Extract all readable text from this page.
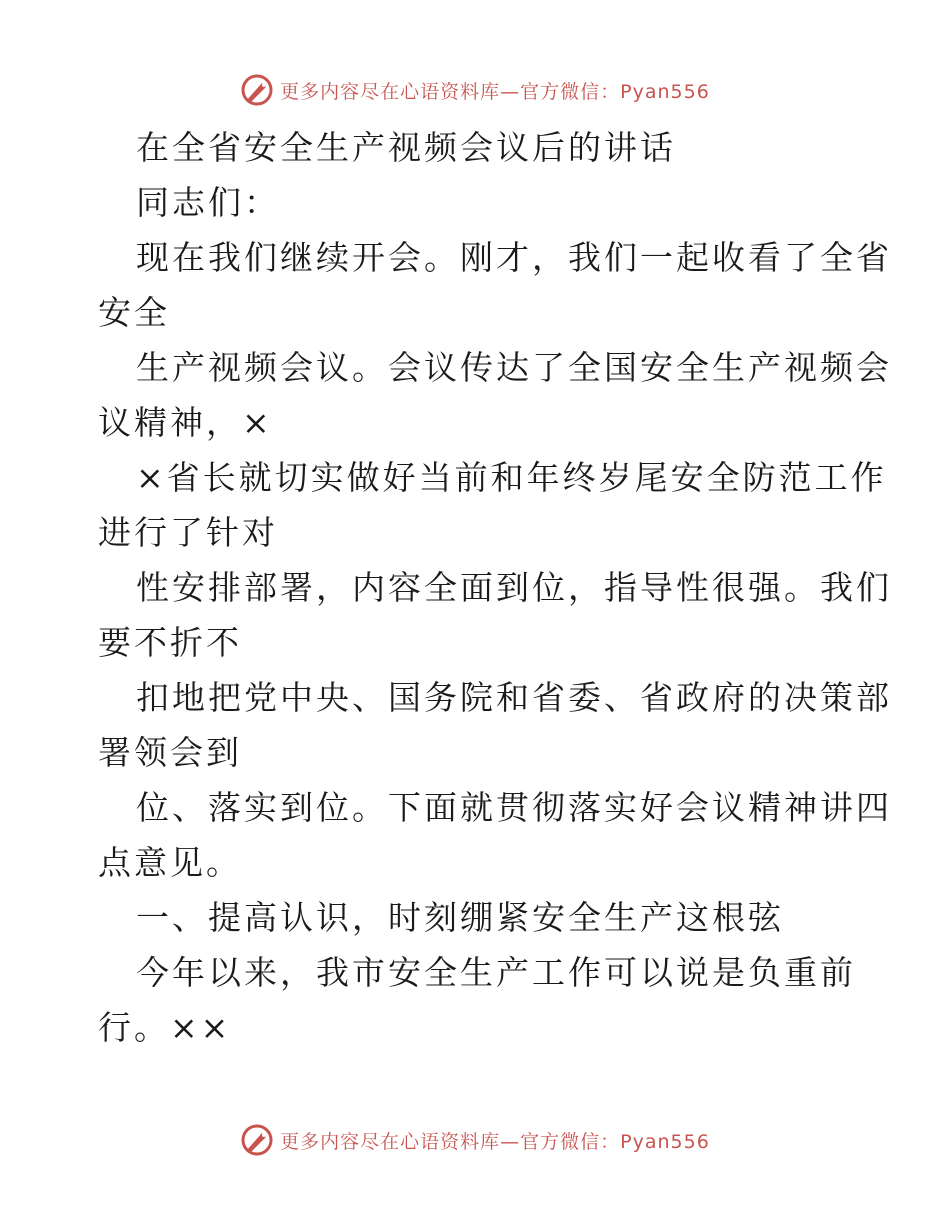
更多内容尽在心语资料库—官方微信：Pyan556
在全省安全生产视频会议后的讲话
同志们：
现在我们继续开会。刚才，我们一起收看了全省
安全
生产视频会议。会议传达了全国安全生产视频会
议精神，×
×省长就切实做好当前和年终岁尾安全防范工作
进行了针对
性安排部署，内容全面到位，指导性很强。我们
要不折不
扣地把党中央、国务院和省委、省政府的决策部
署领会到
位、落实到位。下面就贯彻落实好会议精神讲四
点意见。
一、提高认识，时刻绷紧安全生产这根弦
今年以来，我市安全生产工作可以说是负重前
行。××
更多内容尽在心语资料库—官方微信：Pyan556
